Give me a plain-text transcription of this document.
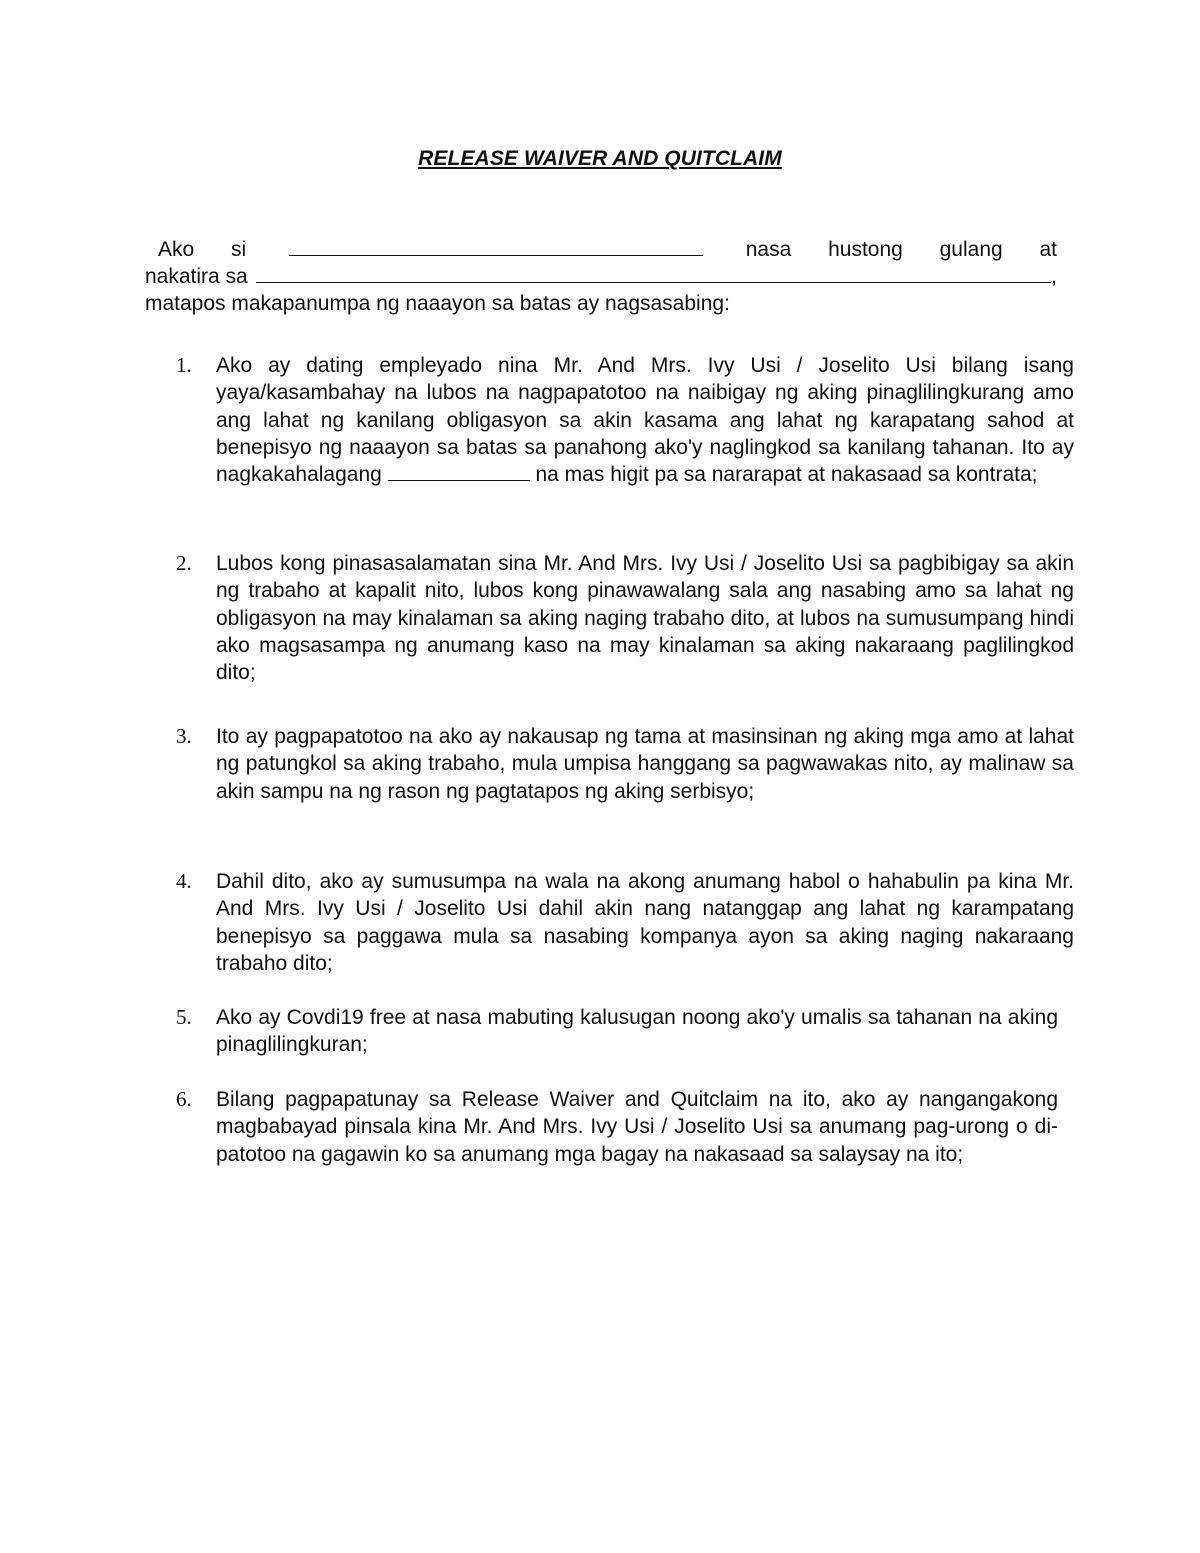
RELEASE WAIVER AND QUITCLAIM
Ako si	nasa hustong gulang at
nakatira sa	,
matapos makapanumpa ng naaayon sa batas ay nagsasabing:
1.	Ako ay dating empleyado nina Mr. And Mrs. Ivy Usi / Joselito Usi bilang isang yaya/kasambahay na lubos na nagpapatotoo na naibigay ng aking pinaglilingkurang amo ang lahat ng kanilang obligasyon sa akin kasama ang lahat ng karapatang sahod at benepisyo ng naaayon sa batas sa panahong ako'y naglingkod sa kanilang tahanan. Ito ay nagkakahalagang	na mas higit pa sa nararapat at nakasaad sa kontrata;
2.	Lubos kong pinasasalamatan sina Mr. And Mrs. Ivy Usi / Joselito Usi sa pagbibigay sa akin ng trabaho at kapalit nito, lubos kong pinawawalang sala ang nasabing amo sa lahat ng obligasyon na may kinalaman sa aking naging trabaho dito, at lubos na sumusumpang hindi ako magsasampa ng anumang kaso na may kinalaman sa aking nakaraang paglilingkod dito;
3.	Ito ay pagpapatotoo na ako ay nakausap ng tama at masinsinan ng aking mga amo at lahat ng patungkol sa aking trabaho, mula umpisa hanggang sa pagwawakas nito, ay malinaw sa akin sampu na ng rason ng pagtatapos ng aking serbisyo;
4.	Dahil dito, ako ay sumusumpa na wala na akong anumang habol o hahabulin pa kina Mr. And Mrs. Ivy Usi / Joselito Usi dahil akin nang natanggap ang lahat ng karampatang benepisyo sa paggawa mula sa nasabing kompanya ayon sa aking naging nakaraang trabaho dito;
5.	Ako ay Covdi19 free at nasa mabuting kalusugan noong ako'y umalis sa tahanan na aking pinaglilingkuran;
6.	Bilang pagpapatunay sa Release Waiver and Quitclaim na ito, ako ay nangangakong magbabayad pinsala kina Mr. And Mrs. Ivy Usi / Joselito Usi sa anumang pag-urong o di-patotoo na gagawin ko sa anumang mga bagay na nakasaad sa salaysay na ito;
